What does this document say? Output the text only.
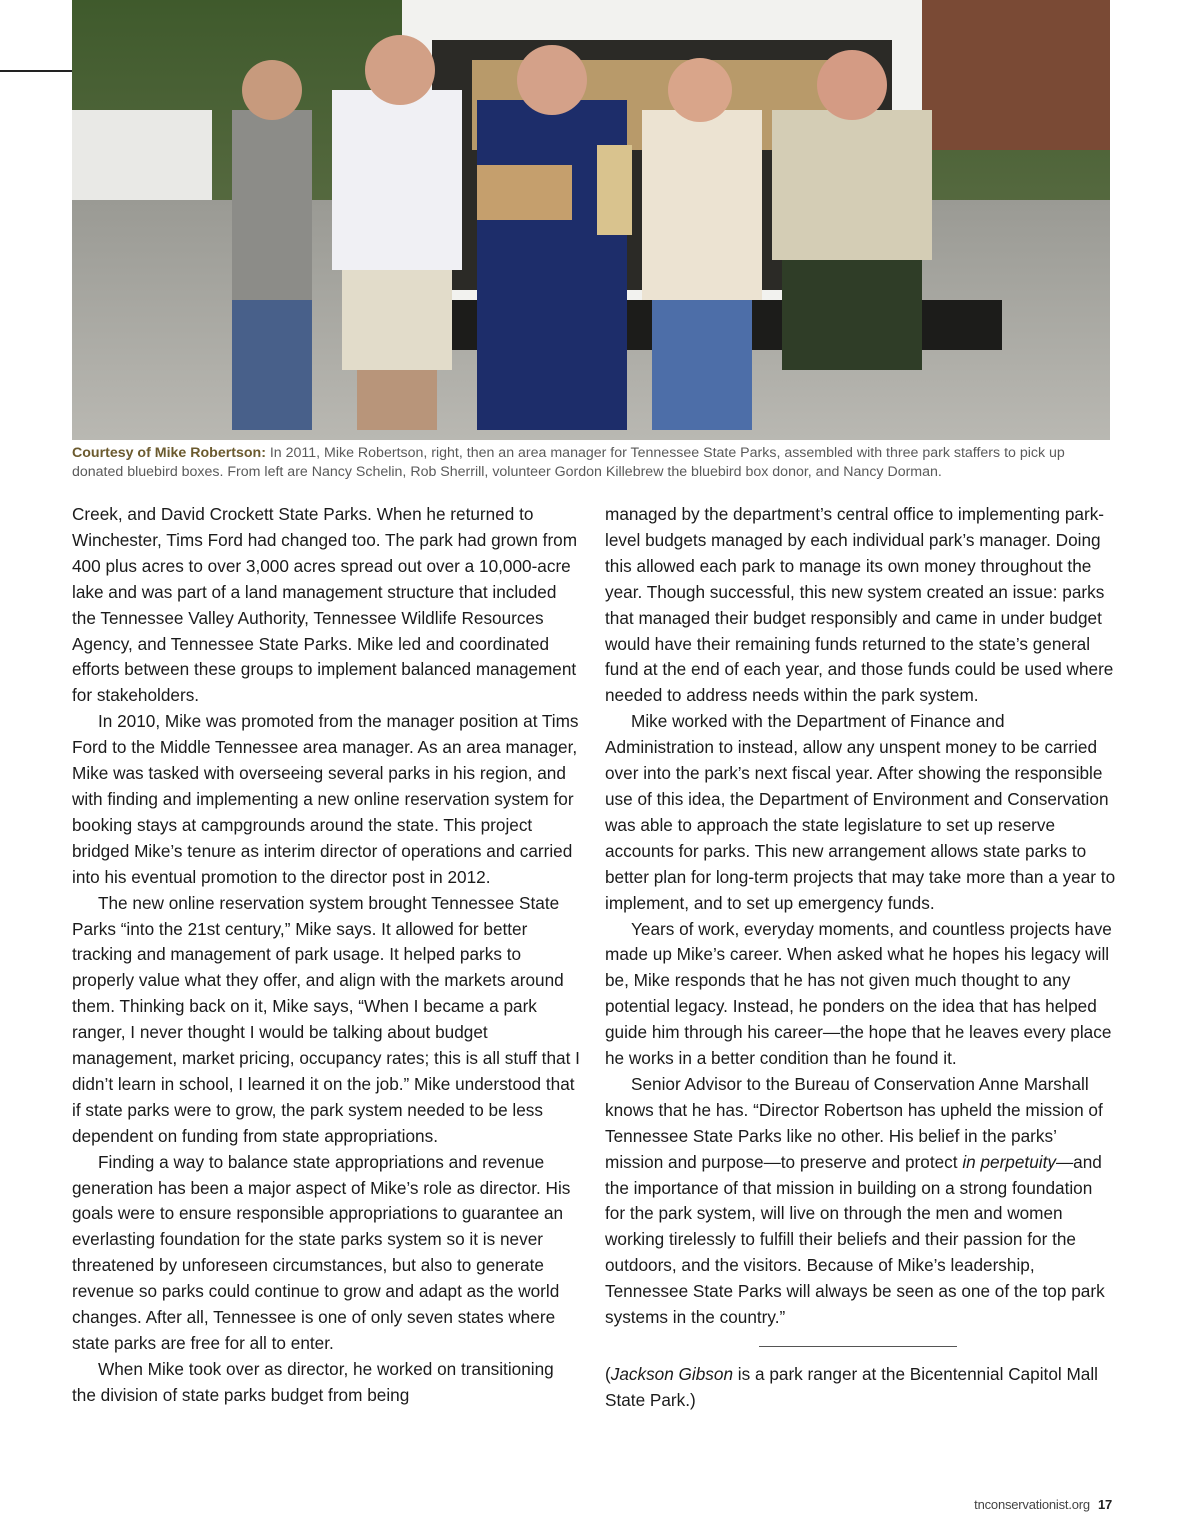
Courtesy of Mike Robertson: In 2011, Mike Robertson, right, then an area manager for Tennessee State Parks, assembled with three park staffers to pick up donated bluebird boxes. From left are Nancy Schelin, Rob Sherrill, volunteer Gordon Killebrew the bluebird box donor, and Nancy Dorman.

Creek, and David Crockett State Parks. When he returned to Winchester, Tims Ford had changed too. The park had grown from 400 plus acres to over 3,000 acres spread out over a 10,000-acre lake and was part of a land management structure that included the Tennessee Valley Authority, Tennessee Wildlife Resources Agency, and Tennessee State Parks. Mike led and coordinated efforts between these groups to implement balanced management for stakeholders.

In 2010, Mike was promoted from the manager position at Tims Ford to the Middle Tennessee area manager. As an area manager, Mike was tasked with overseeing several parks in his region, and with finding and implementing a new online reservation system for booking stays at campgrounds around the state. This project bridged Mike’s tenure as interim director of operations and carried into his eventual promotion to the director post in 2012.

The new online reservation system brought Tennessee State Parks “into the 21st century,” Mike says. It allowed for better tracking and management of park usage. It helped parks to properly value what they offer, and align with the markets around them. Thinking back on it, Mike says, “When I became a park ranger, I never thought I would be talking about budget management, market pricing, occupancy rates; this is all stuff that I didn’t learn in school, I learned it on the job.” Mike understood that if state parks were to grow, the park system needed to be less dependent on funding from state appropriations.

Finding a way to balance state appropriations and revenue generation has been a major aspect of Mike’s role as director. His goals were to ensure responsible appropriations to guarantee an everlasting foundation for the state parks system so it is never threatened by unforeseen circumstances, but also to generate revenue so parks could continue to grow and adapt as the world changes. After all, Tennessee is one of only seven states where state parks are free for all to enter.

When Mike took over as director, he worked on transitioning the division of state parks budget from being

managed by the department’s central office to implementing park-level budgets managed by each individual park’s manager. Doing this allowed each park to manage its own money throughout the year. Though successful, this new system created an issue: parks that managed their budget responsibly and came in under budget would have their remaining funds returned to the state’s general fund at the end of each year, and those funds could be used where needed to address needs within the park system.

Mike worked with the Department of Finance and Administration to instead, allow any unspent money to be carried over into the park’s next fiscal year. After showing the responsible use of this idea, the Department of Environment and Conservation was able to approach the state legislature to set up reserve accounts for parks. This new arrangement allows state parks to better plan for long-term projects that may take more than a year to implement, and to set up emergency funds.

Years of work, everyday moments, and countless projects have made up Mike’s career. When asked what he hopes his legacy will be, Mike responds that he has not given much thought to any potential legacy. Instead, he ponders on the idea that has helped guide him through his career—the hope that he leaves every place he works in a better condition than he found it.

Senior Advisor to the Bureau of Conservation Anne Marshall knows that he has. “Director Robertson has upheld the mission of Tennessee State Parks like no other. His belief in the parks’ mission and purpose—to preserve and protect in perpetuity—and the importance of that mission in building on a strong foundation for the park system, will live on through the men and women working tirelessly to fulfill their beliefs and their passion for the outdoors, and the visitors. Because of Mike’s leadership, Tennessee State Parks will always be seen as one of the top park systems in the country.”

(Jackson Gibson is a park ranger at the Bicentennial Capitol Mall State Park.)

tnconservationist.org 17
